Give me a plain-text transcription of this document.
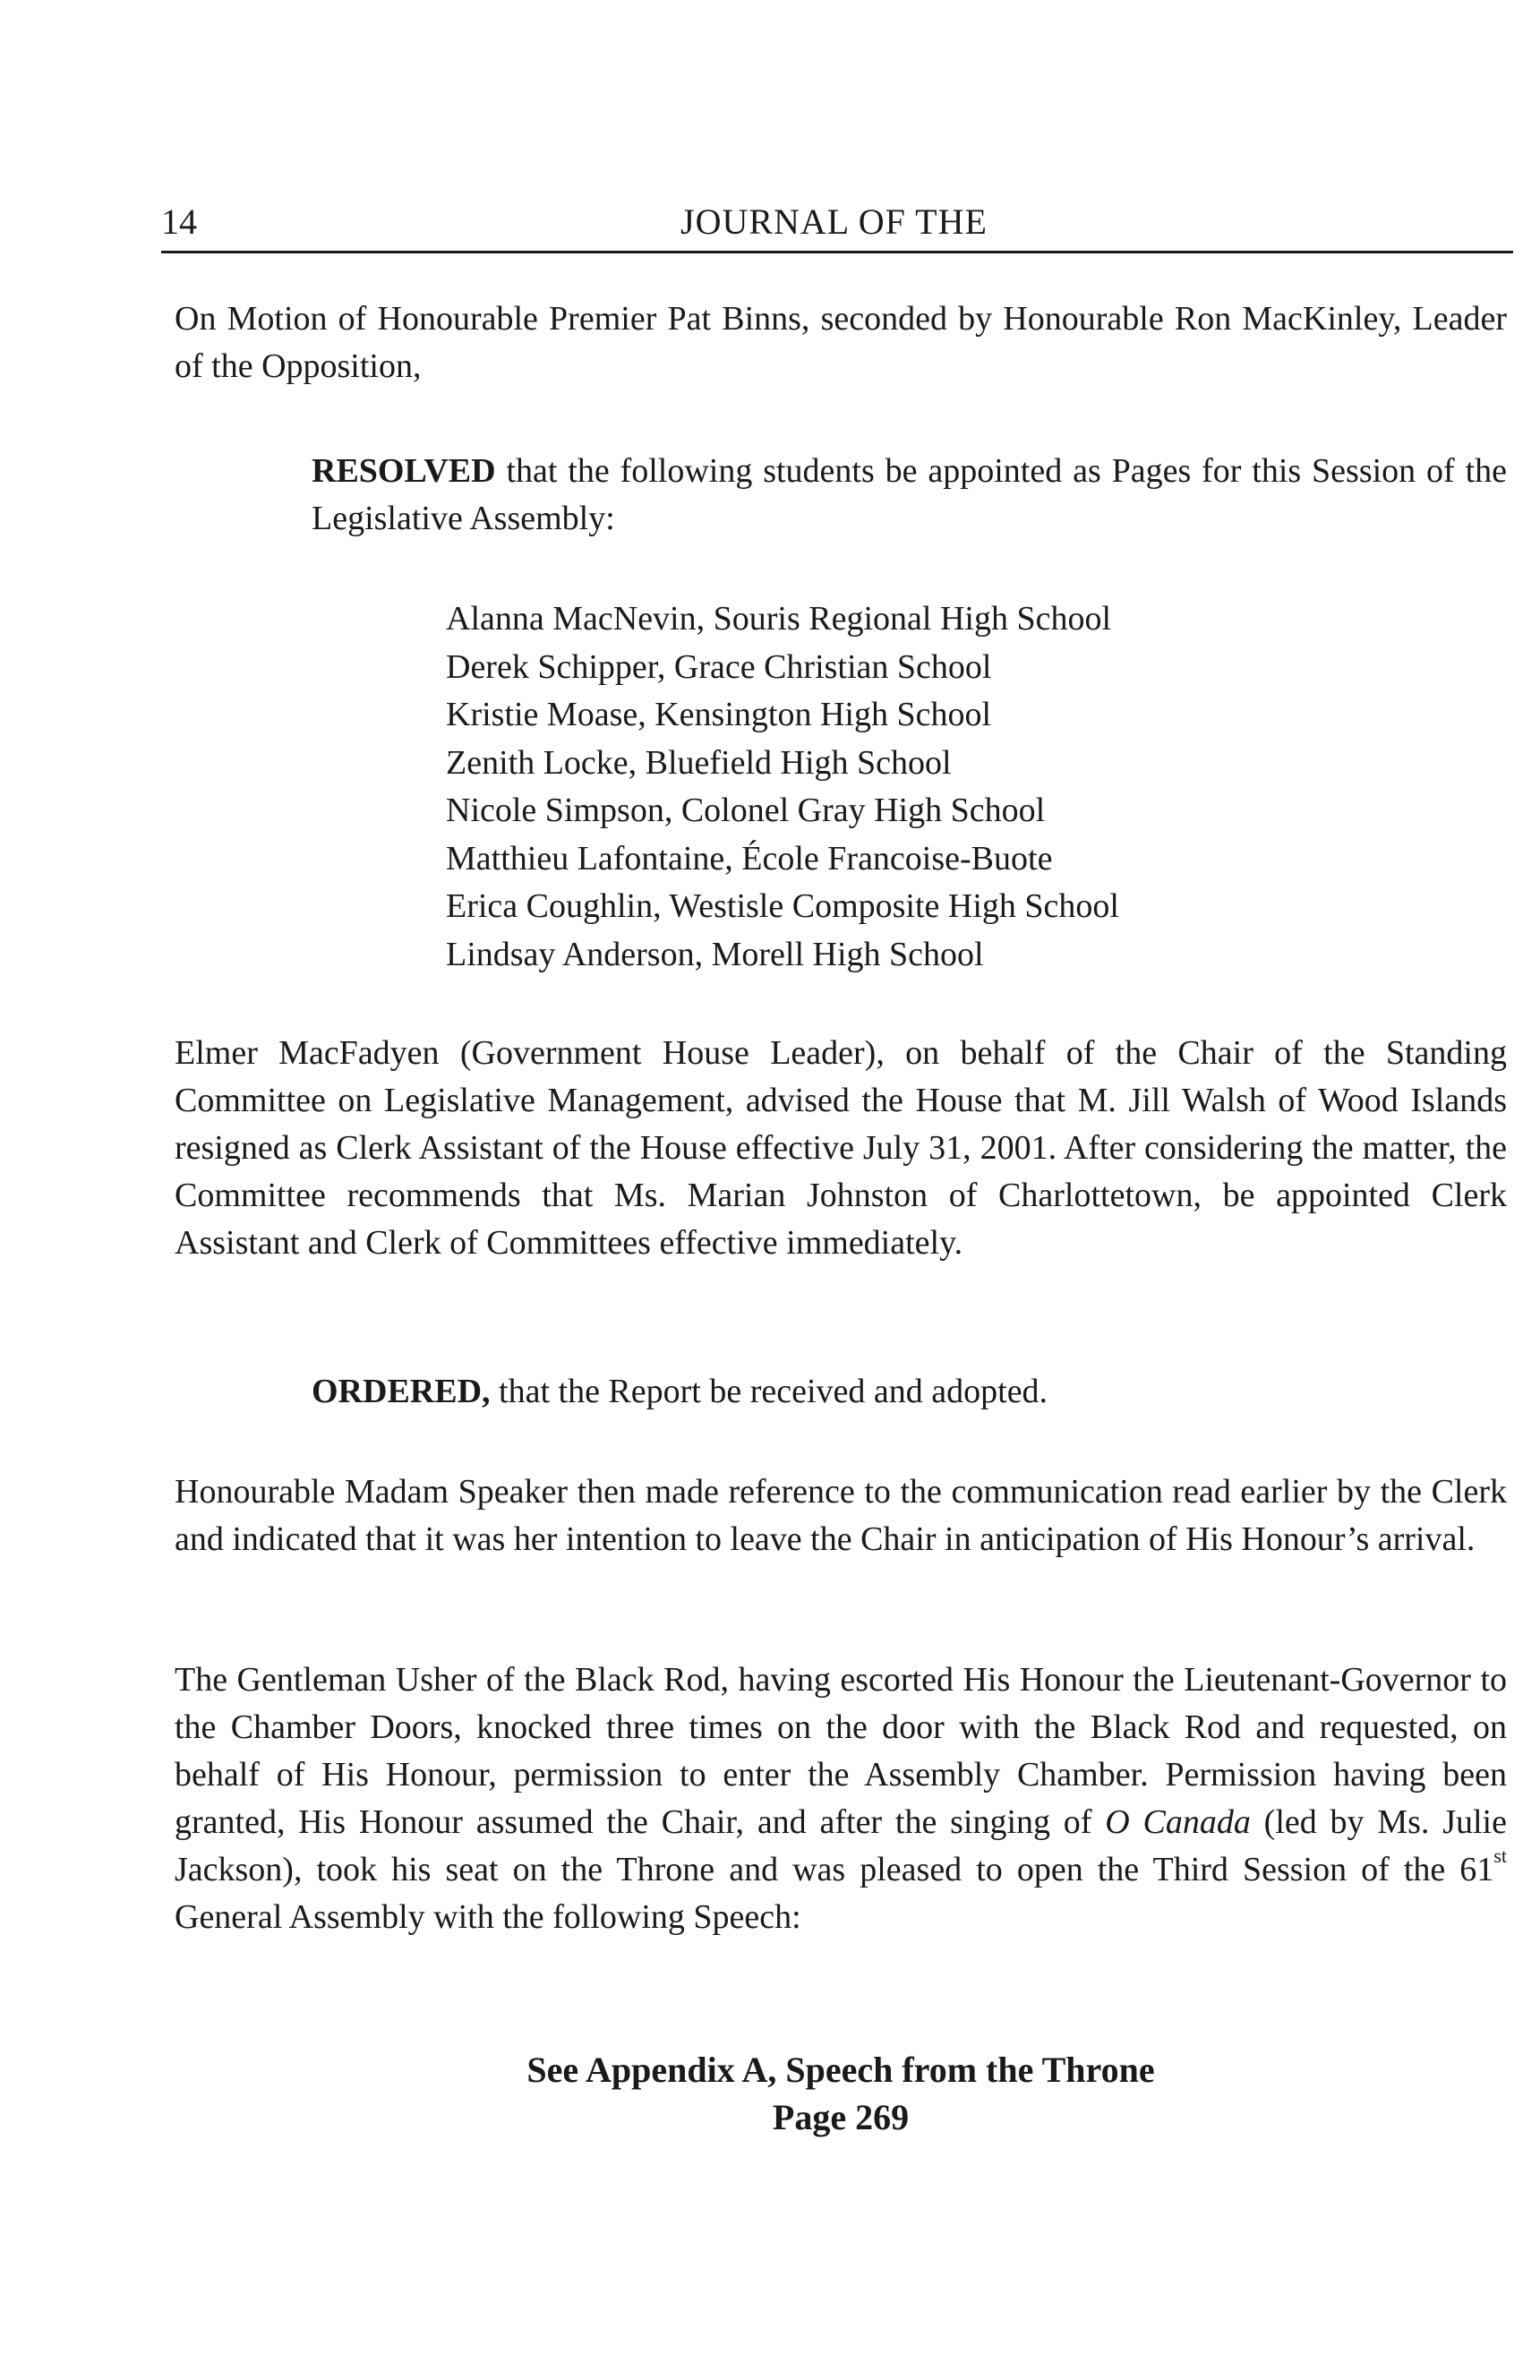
14	JOURNAL OF THE

On Motion of Honourable Premier Pat Binns, seconded by Honourable Ron MacKinley, Leader of the Opposition,

RESOLVED that the following students be appointed as Pages for this Session of the Legislative Assembly:

Alanna MacNevin, Souris Regional High School
Derek Schipper, Grace Christian School
Kristie Moase, Kensington High School
Zenith Locke, Bluefield High School
Nicole Simpson, Colonel Gray High School
Matthieu Lafontaine, École Francoise-Buote
Erica Coughlin, Westisle Composite High School
Lindsay Anderson, Morell High School

Elmer MacFadyen (Government House Leader), on behalf of the Chair of the Standing Committee on Legislative Management, advised the House that M. Jill Walsh of Wood Islands resigned as Clerk Assistant of the House effective July 31, 2001. After considering the matter, the Committee recommends that Ms. Marian Johnston of Charlottetown, be appointed Clerk Assistant and Clerk of Committees effective immediately.

ORDERED, that the Report be received and adopted.

Honourable Madam Speaker then made reference to the communication read earlier by the Clerk and indicated that it was her intention to leave the Chair in anticipation of His Honour’s arrival.

The Gentleman Usher of the Black Rod, having escorted His Honour the Lieutenant-Governor to the Chamber Doors, knocked three times on the door with the Black Rod and requested, on behalf of His Honour, permission to enter the Assembly Chamber. Permission having been granted, His Honour assumed the Chair, and after the singing of O Canada (led by Ms. Julie Jackson), took his seat on the Throne and was pleased to open the Third Session of the 61st General Assembly with the following Speech:

See Appendix A, Speech from the Throne
Page 269
